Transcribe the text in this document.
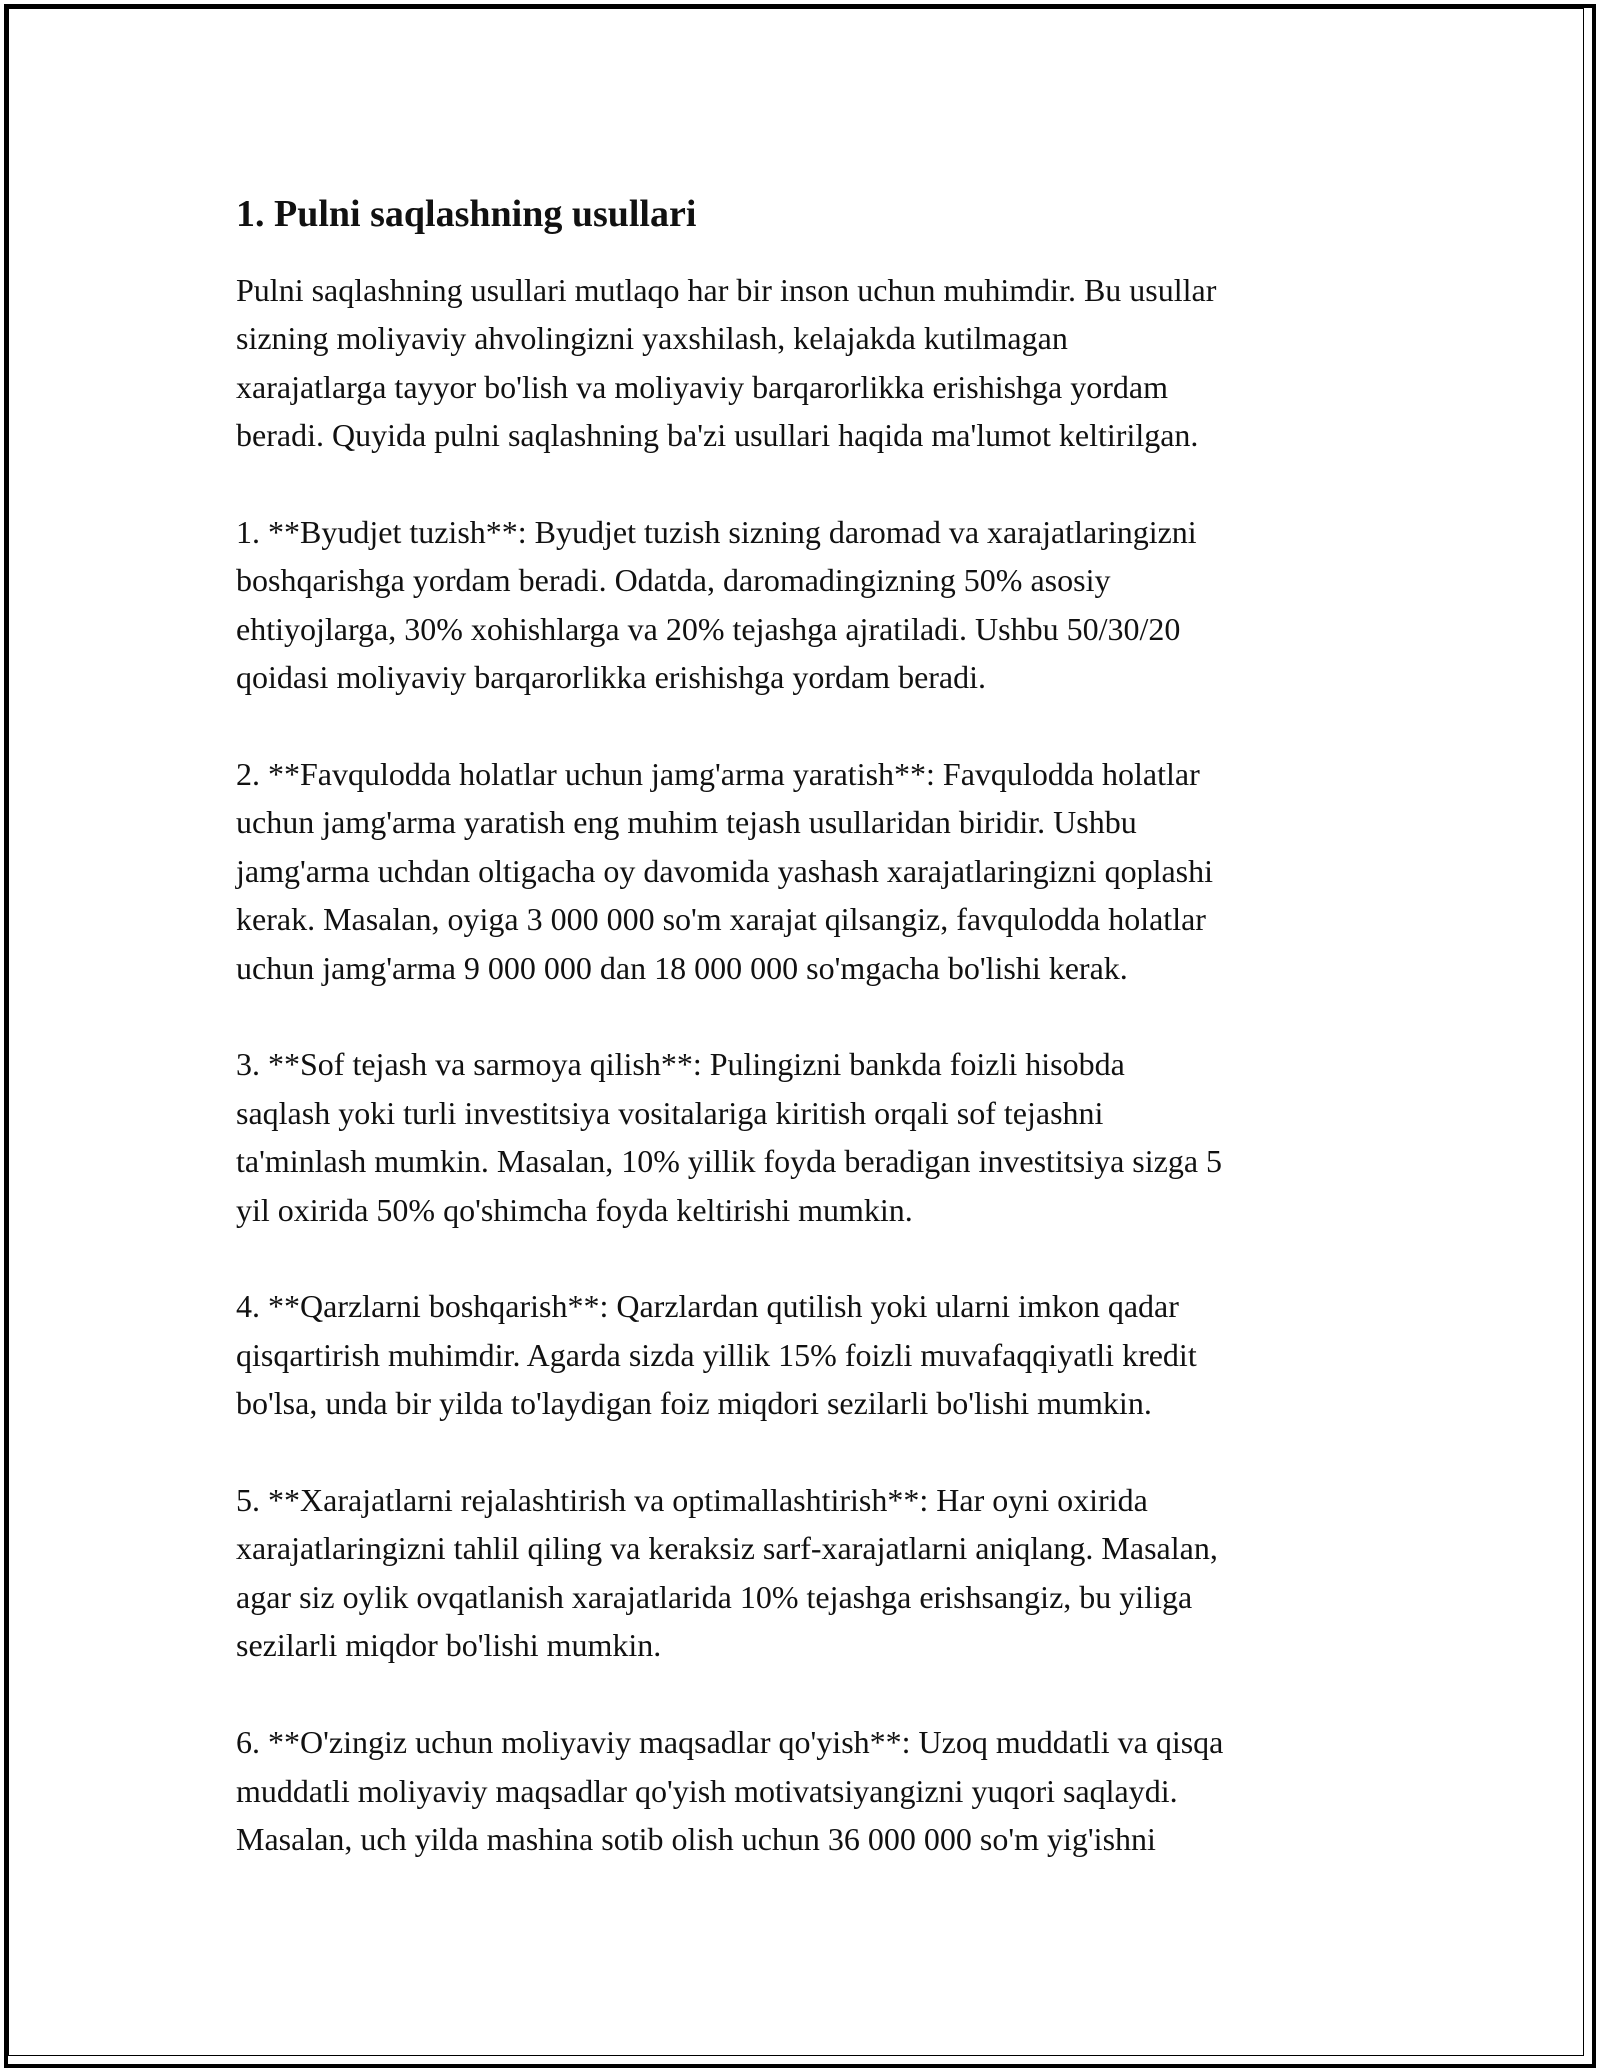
1. Pulni saqlashning usullari
Pulni saqlashning usullari mutlaqo har bir inson uchun muhimdir. Bu usullar
sizning moliyaviy ahvolingizni yaxshilash, kelajakda kutilmagan
xarajatlarga tayyor bo'lish va moliyaviy barqarorlikka erishishga yordam
beradi. Quyida pulni saqlashning ba'zi usullari haqida ma'lumot keltirilgan.
1. **Byudjet tuzish**: Byudjet tuzish sizning daromad va xarajatlaringizni
boshqarishga yordam beradi. Odatda, daromadingizning 50% asosiy
ehtiyojlarga, 30% xohishlarga va 20% tejashga ajratiladi. Ushbu 50/30/20
qoidasi moliyaviy barqarorlikka erishishga yordam beradi.
2. **Favqulodda holatlar uchun jamg'arma yaratish**: Favqulodda holatlar
uchun jamg'arma yaratish eng muhim tejash usullaridan biridir. Ushbu
jamg'arma uchdan oltigacha oy davomida yashash xarajatlaringizni qoplashi
kerak. Masalan, oyiga 3 000 000 so'm xarajat qilsangiz, favqulodda holatlar
uchun jamg'arma 9 000 000 dan 18 000 000 so'mgacha bo'lishi kerak.
3. **Sof tejash va sarmoya qilish**: Pulingizni bankda foizli hisobda
saqlash yoki turli investitsiya vositalariga kiritish orqali sof tejashni
ta'minlash mumkin. Masalan, 10% yillik foyda beradigan investitsiya sizga 5
yil oxirida 50% qo'shimcha foyda keltirishi mumkin.
4. **Qarzlarni boshqarish**: Qarzlardan qutilish yoki ularni imkon qadar
qisqartirish muhimdir. Agarda sizda yillik 15% foizli muvafaqqiyatli kredit
bo'lsa, unda bir yilda to'laydigan foiz miqdori sezilarli bo'lishi mumkin.
5. **Xarajatlarni rejalashtirish va optimallashtirish**: Har oyni oxirida
xarajatlaringizni tahlil qiling va keraksiz sarf-xarajatlarni aniqlang. Masalan,
agar siz oylik ovqatlanish xarajatlarida 10% tejashga erishsangiz, bu yiliga
sezilarli miqdor bo'lishi mumkin.
6. **O'zingiz uchun moliyaviy maqsadlar qo'yish**: Uzoq muddatli va qisqa
muddatli moliyaviy maqsadlar qo'yish motivatsiyangizni yuqori saqlaydi.
Masalan, uch yilda mashina sotib olish uchun 36 000 000 so'm yig'ishni
